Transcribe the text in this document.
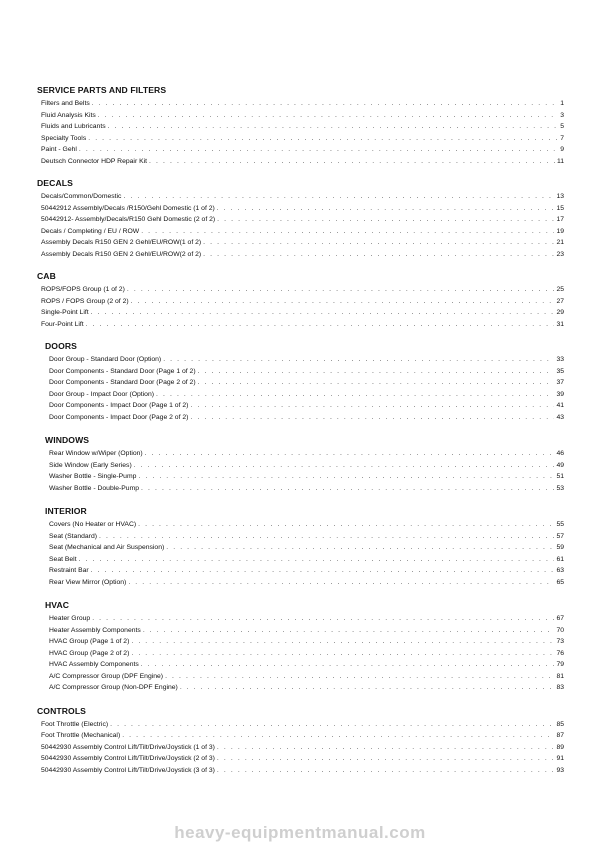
SERVICE PARTS AND FILTERS
Filters and Belts . . .	1
Fluid Analysis Kits . . .	3
Fluids and Lubricants . . .	5
Specialty Tools . . .	7
Paint - Gehl . . .	9
Deutsch Connector HDP Repair Kit . . .	11
DECALS
Decals/Common/Domestic . . .	13
50442912 Assembly/Decals /R150/Gehl Domestic (1 of 2) . . .	15
50442912- Assembly/Decals/R150 Gehl Domestic (2 of 2) . . .	17
Decals / Completing / EU / ROW . . .	19
Assembly Decals R150 GEN 2 Gehl/EU/ROW(1 of 2) . . .	21
Assembly Decals R150 GEN 2 Gehl/EU/ROW(2 of 2) . . .	23
CAB
ROPS/FOPS Group (1 of 2) . . .	25
ROPS / FOPS Group (2 of 2) . . .	27
Single-Point Lift . . .	29
Four-Point Lift . . .	31
DOORS
Door Group - Standard Door (Option) . . .	33
Door Components - Standard Door (Page 1 of 2) . . .	35
Door Components - Standard Door (Page 2 of 2) . . .	37
Door Group - Impact Door (Option) . . .	39
Door Components - Impact Door (Page 1 of 2) . . .	41
Door Components - Impact Door (Page 2 of 2) . . .	43
WINDOWS
Rear Window w/Wiper (Option) . . .	46
Side Window (Early Series) . . .	49
Washer Bottle - Single-Pump . . .	51
Washer Bottle - Double-Pump . . .	53
INTERIOR
Covers (No Heater or HVAC) . . .	55
Seat (Standard) . . .	57
Seat (Mechanical and Air Suspension) . . .	59
Seat Belt . . .	61
Restraint Bar . . .	63
Rear View Mirror (Option) . . .	65
HVAC
Heater Group . . .	67
Heater Assembly Components . . .	70
HVAC Group (Page 1 of 2) . . .	73
HVAC Group (Page 2 of 2) . . .	76
HVAC Assembly Components . . .	79
A/C Compressor Group (DPF Engine) . . .	81
A/C Compressor Group (Non-DPF Engine) . . .	83
CONTROLS
Foot Throttle (Electric) . . .	85
Foot Throttle (Mechanical) . . .	87
50442930 Assembly Control Lift/Tilt/Drive/Joystick (1 of 3) . . .	89
50442930 Assembly Control Lift/Tilt/Drive/Joystick (2 of 3) . . .	91
50442930 Assembly Control Lift/Tilt/Drive/Joystick (3 of 3) . . .	93
heavy-equipmentmanual.com
